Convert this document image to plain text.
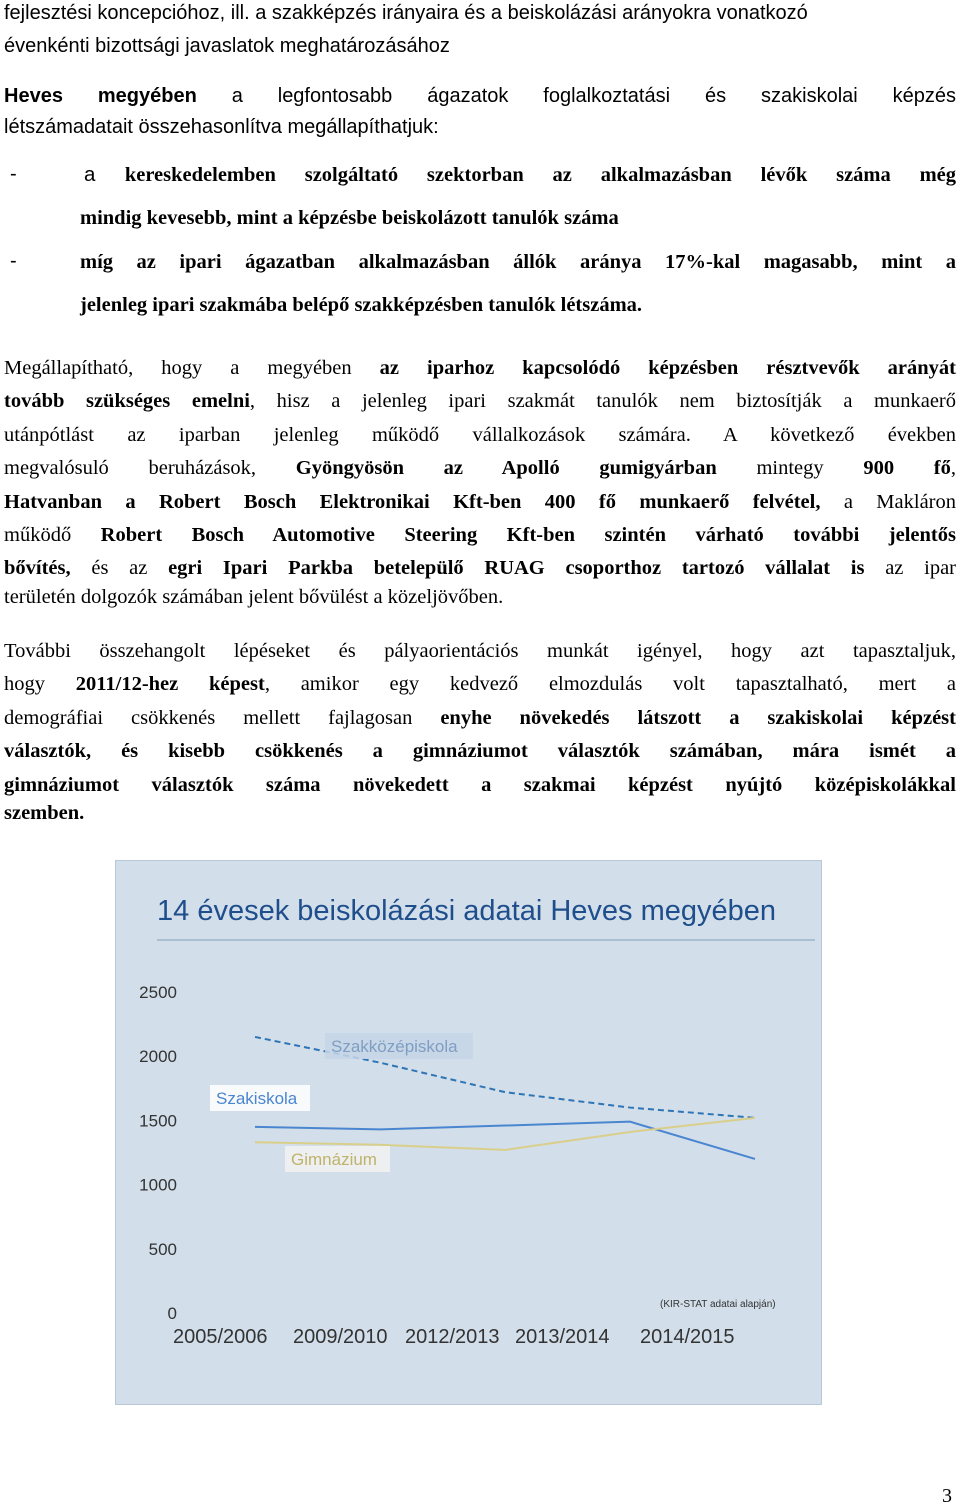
fejlesztési koncepcióhoz, ill. a szakképzés irányaira és a beiskolázási arányokra vonatkozó
évenkénti bizottsági javaslatok meghatározásához
Heves megyében a legfontosabb ágazatok foglalkoztatási és szakiskolai képzés
létszámadatait összehasonlítva megállapíthatjuk:
-	a kereskedelemben szolgáltató szektorban az alkalmazásban lévők száma még
mindig kevesebb, mint a képzésbe beiskolázott tanulók száma
-	míg az ipari ágazatban alkalmazásban állók aránya 17%-kal magasabb, mint a
jelenleg ipari szakmába belépő szakképzésben tanulók létszáma.
Megállapítható, hogy a megyében az iparhoz kapcsolódó képzésben résztvevők arányát
tovább szükséges emelni, hisz a jelenleg ipari szakmát tanulók nem biztosítják a munkaerő
utánpótlást az iparban jelenleg működő vállalkozások számára. A következő években
megvalósuló beruházások, Gyöngyösön az Apolló gumigyárban mintegy 900 fő,
Hatvanban a Robert Bosch Elektronikai Kft-ben 400 fő munkaerő felvétel, a Makláron
működő Robert Bosch Automotive Steering Kft-ben szintén várható további jelentős
bővítés, és az egri Ipari Parkba betelepülő RUAG csoporthoz tartozó vállalat is az ipar
területén dolgozók számában jelent bővülést a közeljövőben.
További összehangolt lépéseket és pályaorientációs munkát igényel, hogy azt tapasztaljuk,
hogy 2011/12-hez képest, amikor egy kedvező elmozdulás volt tapasztalható, mert a
demográfiai csökkenés mellett fajlagosan enyhe növekedés látszott a szakiskolai képzést
választók, és kisebb csökkenés a gimnáziumot választók számában, mára ismét a
gimnáziumot választók száma növekedett a szakmai képzést nyújtó középiskolákkal
szemben.
14 évesek beiskolázási adatai Heves megyében
2500
2000
1500
1000
500
0
2005/2006 2009/2010 2012/2013 2013/2014 2014/2015
Szakközépiskola
Szakiskola
Gimnázium
(KIR-STAT adatai alapján)
3
